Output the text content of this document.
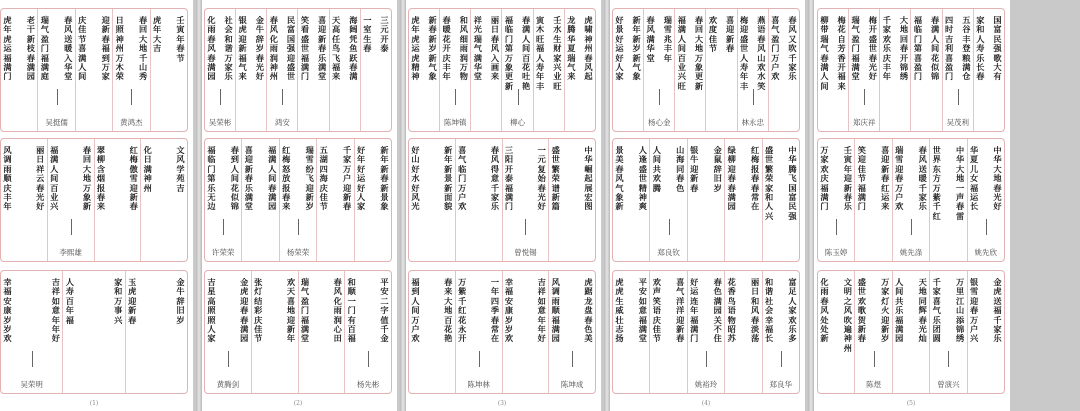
国富民强歌大有
家和人寿乐长春
五谷丰登粮满仓
四时吉利喜盈门
吴茂利
春满人间花似锦
福临门第喜盈门
大地回春开锦绣
千家欢乐庆丰年
梅开盛世春光好
瑞气盈门福满堂
郑庆祥
梅花自芳香开福来
柳带瑞气春满人间
中华大地春光好
华夏儿女福运长
姚先欣
中华大地一声春雷
世界东方万紫千红
春风送暖千家乐
瑞雪迎春万户欢
姚先涤
喜迎新春红运来
笑迎佳节福满门
壬寅年迎新春乐
万家欢庆福满门
陈玉婷
金虎送福千家乐
银雪迎春万户兴
万里江山添锦绣
千家喜气乐团圆
曾演兴
天地同辉春光灿
人间共乐福满园
万家灯火迎新岁
盛世欢歌贺新春
陈煜
文明之风吹遍神州
化雨春风处处新
(5)
春风又吹千家乐
喜气盈门万户欢
燕语春风山欢水笑
梅迎盛世人寿年丰
林永忠
喜迎新春
欢度佳节
春回大地万象更新
福满人间百业兴旺
瑞雪兆丰年
春风满华堂
杨心金
新年新岁新气象
好景好运好人家
中华腾飞国富民强
盛世繁荣家和人兴
红梅报春春常在
绿柳迎春春满园
金鼠辞旧岁
银牛迎新春
山海同春色
人间共欢腾
郑良钦
人逢盛世精神爽
景美春风气象新
富足人家欢乐多
和谐社会幸福长
郑良华
丽日和风春淡荡
花香鸟语物昭苏
春色满园关不住
好运连年福满门
姚裕玲
喜气洋洋迎新春
欢声笑语庆佳节
平安如意福满堂
虎虎生威壮志扬
(4)
虎啸神州春风起
龙腾华夏瑞气来
壬水生财家兴业旺
寅木旺福人寿年丰
春满人间百花吐艳
福临门第万象更新
柳心
丽日春风入画来
祥光瑞气满华堂
和风细雨润万物
春暖花开庆丰年
陈坤镇
新春新岁新气象
虎年虎运虎精神
中华崛起展宏图
盛世繁荣谱新篇
一元复始春光好
三阳开泰福满门
曾悦锡
春风得意千家乐
喜气临门万户欢
新年新景新面貌
好山好水好风光
虎踞龙盘春色美
风调雨顺福满园
陈坤成
吉祥如意年年好
幸福安康岁岁欢
一年四季春常在
万紫千红花永开
陈坤林
春来大地百花艳
福到人间万户欢
(3)
三元开泰
一室生春
海阔凭鱼跃春满
天高任鸟飞福来
喜迎新春乐满堂
笑看盛世福满门
民富国强迎盛世
春风化雨润神州
鸿安
金牛辞岁春光好
银虎迎新福气来
社会和谐万家乐
化雨春风春满园
吴荣彬
新年新春新景象
好年好运好人家
千家万户迎新春
五湖四海庆佳节
瑞雪纷飞迎新岁
红梅怒放报春来
杨荣荣
福满人间春满园
喜迎新春乐满堂
春到人间花似锦
福临门第乐无边
许荣荣
平安二字值千金
和顺一门有百福
杨先彬
春风化雨润心田
瑞气盈门福满堂
欢天喜地迎新年
张灯结彩庆佳节
金虎迎春春满园
吉星高照照人家
黄腾剑
(2)
壬寅年春节
虎年大吉
春回大地千山秀
日照神州万木荣
黄鸿杰
迎新春福到万家
庆佳节喜满人间
春风送暖入华堂
瑞气盈门福满庭
吴挺儒
老干新枝春满园
虎年虎运福满门
文风学苑吉
化日满神州
红梅傲雪迎新春
翠柳含烟报春来
春回大地万象新
福满人间百业兴
李熙雄
丽日祥云春光好
风调雨顺庆丰年
金牛辞旧岁
玉虎迎新春
家和万事兴
人寿百年福
吉祥如意年年好
幸福安康岁岁欢
吴荣明
(1)
